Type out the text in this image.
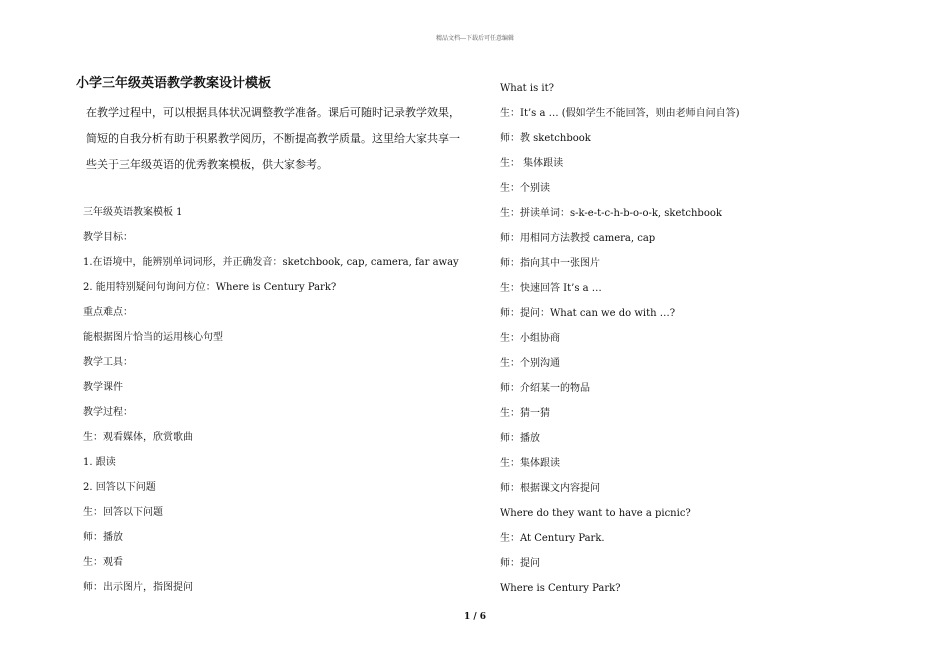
精品文档---下载后可任意编辑
小学三年级英语教学教案设计模板

在教学过程中，可以根据具体状况调整教学准备。课后可随时记录教学效果，

简短的自我分析有助于积累教学阅历，不断提高教学质量。这里给大家共享一

些关于三年级英语的优秀教案模板，供大家参考。

三年级英语教案模板 1
教学目标：
1.在语境中，能辨别单词词形，并正确发音：sketchbook, cap, camera, far away
2. 能用特别疑问句询问方位：Where is Century Park?
重点难点：
能根据图片恰当的运用核心句型
教学工具：
教学课件
教学过程：
生：观看媒体，欣赏歌曲
1. 跟读
2. 回答以下问题
生：回答以下问题
师：播放
生：观看
师：出示图片，指图提问
What is it?
生：It’s a … (假如学生不能回答，则由老师自问自答)
师：教 sketchbook
生： 集体跟读
生：个别读
生：拼读单词：s-k-e-t-c-h-b-o-o-k, sketchbook
师：用相同方法教授 camera, cap
师：指向其中一张图片
生：快速回答 It’s a …
师：提问：What can we do with …?
生：小组协商
生：个别沟通
师：介绍某一的物品
生：猜一猜
师：播放
生：集体跟读
师：根据课文内容提问
Where do they want to have a picnic?
生：At Century Park.
师：提问
Where is Century Park?
1 / 6
